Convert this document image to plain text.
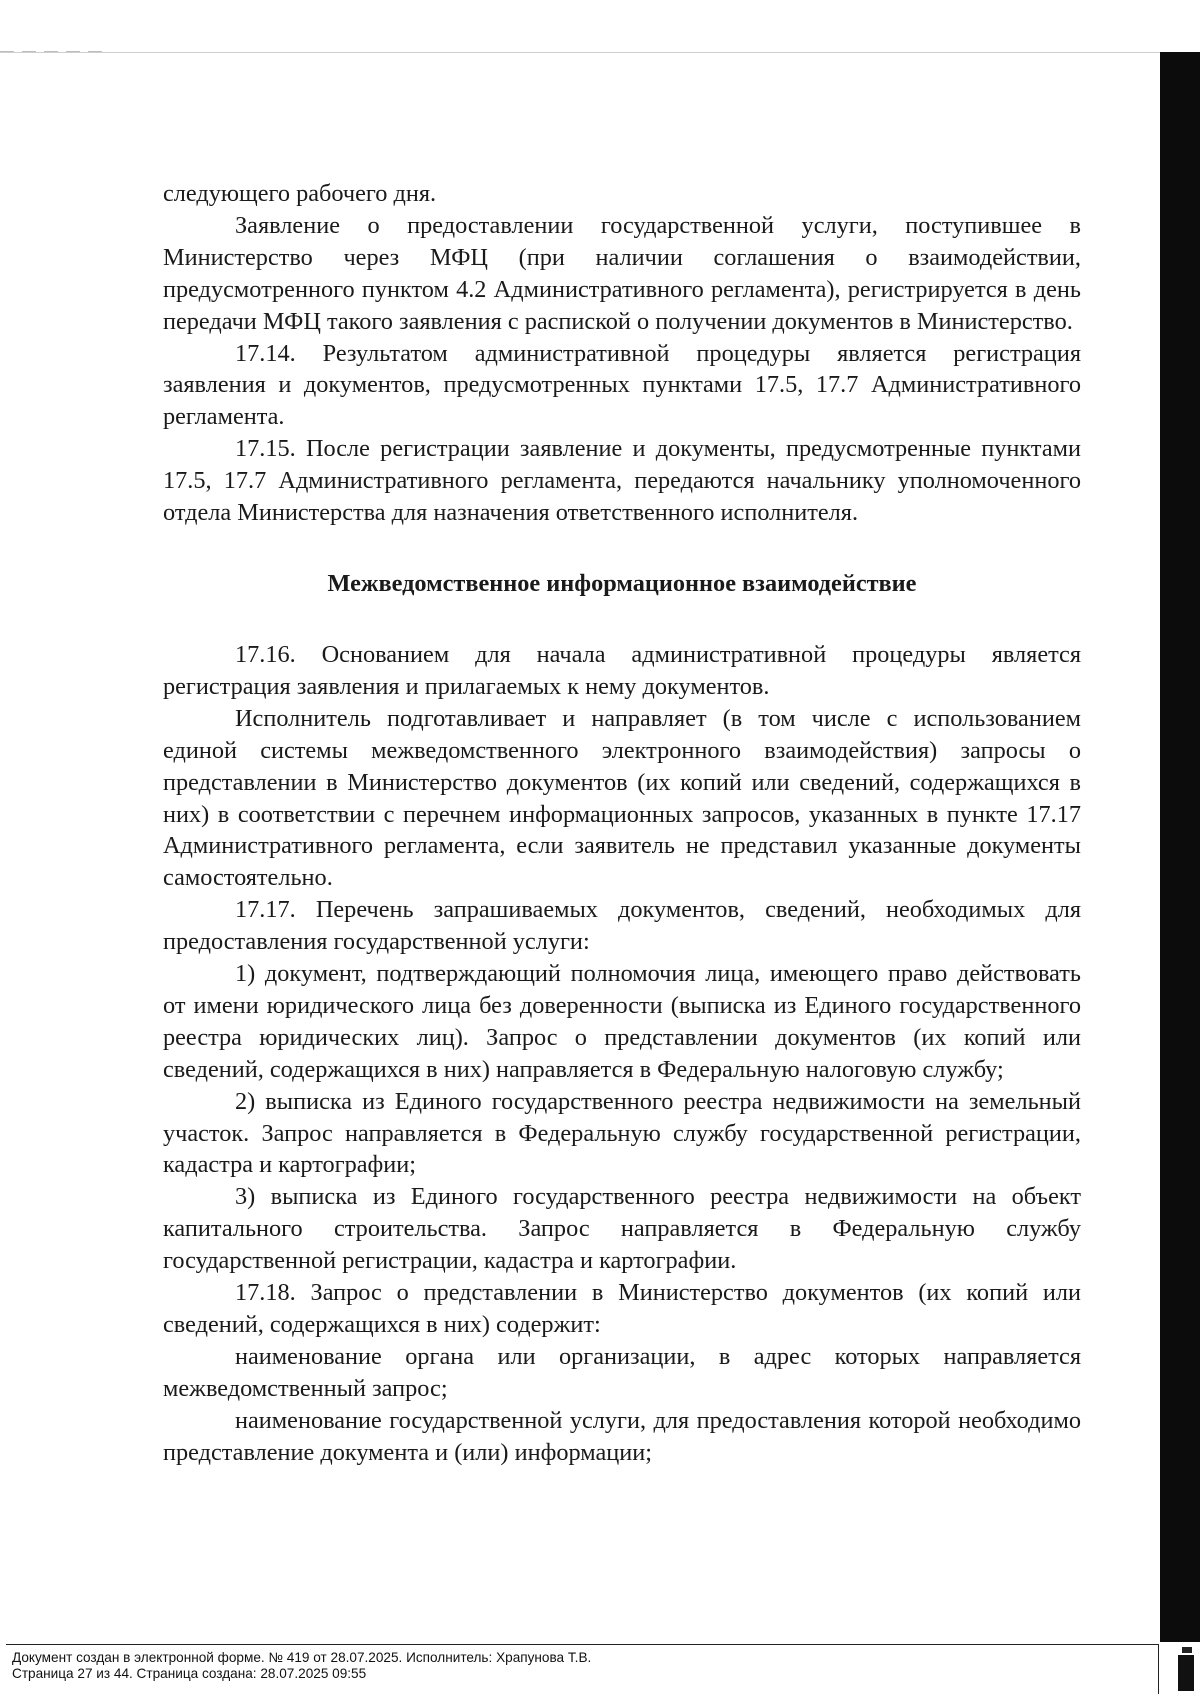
следующего рабочего дня.

Заявление о предоставлении государственной услуги, поступившее в Министерство через МФЦ (при наличии соглашения о взаимодействии, предусмотренного пунктом 4.2 Административного регламента), регистрируется в день передачи МФЦ такого заявления с распиской о получении документов в Министерство.

17.14. Результатом административной процедуры является регистрация заявления и документов, предусмотренных пунктами 17.5, 17.7 Административного регламента.

17.15. После регистрации заявление и документы, предусмотренные пунктами 17.5, 17.7 Административного регламента, передаются начальнику уполномоченного отдела Министерства для назначения ответственного исполнителя.

Межведомственное информационное взаимодействие

17.16. Основанием для начала административной процедуры является регистрация заявления и прилагаемых к нему документов.

Исполнитель подготавливает и направляет (в том числе с использованием единой системы межведомственного электронного взаимодействия) запросы о представлении в Министерство документов (их копий или сведений, содержащихся в них) в соответствии с перечнем информационных запросов, указанных в пункте 17.17 Административного регламента, если заявитель не представил указанные документы самостоятельно.

17.17. Перечень запрашиваемых документов, сведений, необходимых для предоставления государственной услуги:

1) документ, подтверждающий полномочия лица, имеющего право действовать от имени юридического лица без доверенности (выписка из Единого государственного реестра юридических лиц). Запрос о представлении документов (их копий или сведений, содержащихся в них) направляется в Федеральную налоговую службу;

2) выписка из Единого государственного реестра недвижимости на земельный участок. Запрос направляется в Федеральную службу государственной регистрации, кадастра и картографии;

3) выписка из Единого государственного реестра недвижимости на объект капитального строительства. Запрос направляется в Федеральную службу государственной регистрации, кадастра и картографии.

17.18. Запрос о представлении в Министерство документов (их копий или сведений, содержащихся в них) содержит:

наименование органа или организации, в адрес которых направляется межведомственный запрос;

наименование государственной услуги, для предоставления которой необходимо представление документа и (или) информации;

Документ создан в электронной форме. № 419 от 28.07.2025. Исполнитель: Храпунова Т.В.
Страница 27 из 44. Страница создана: 28.07.2025 09:55
